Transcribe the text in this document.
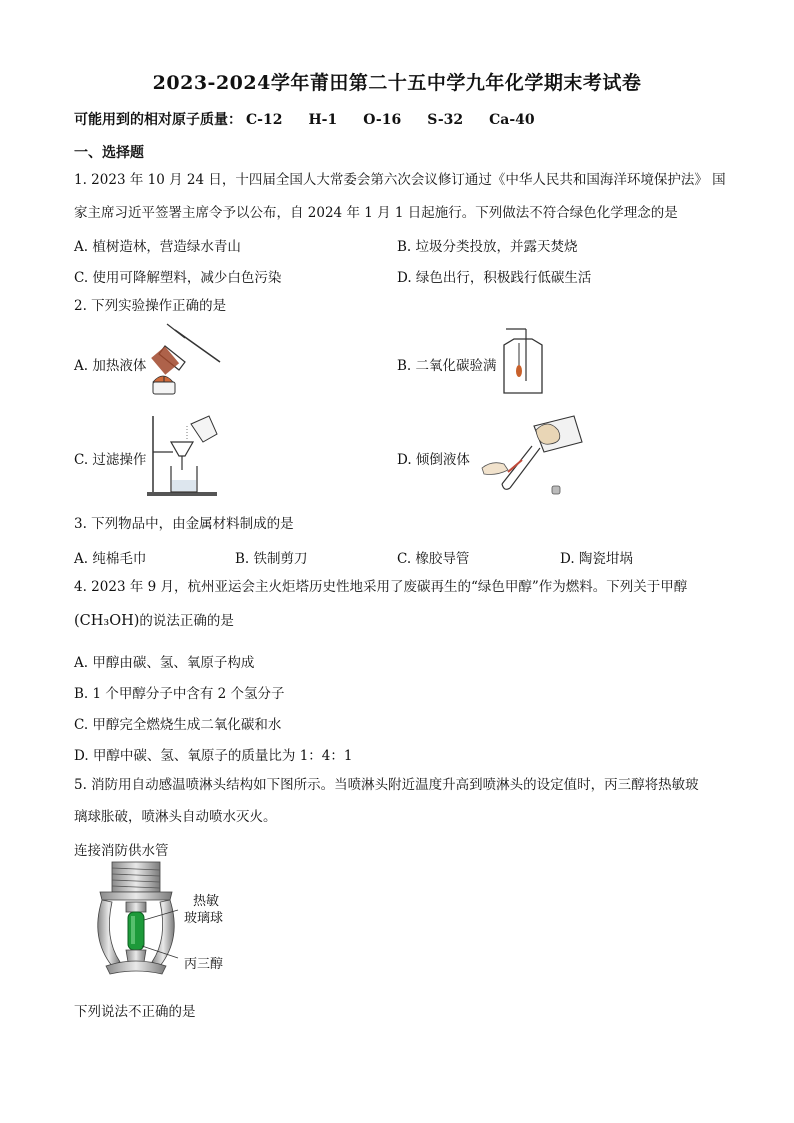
2023-2024学年莆田第二十五中学九年化学期末考试卷
可能用到的相对原子质量： C-12 H-1 O-16 S-32 Ca-40
一、选择题
1. 2023 年 10 月 24 日，十四届全国人大常委会第六次会议修订通过《中华人民共和国海洋环境保护法》 国
家主席习近平签署主席令予以公布，自 2024 年 1 月 1 日起施行。下列做法不符合绿色化学理念的是
A. 植树造林，营造绿水青山	B. 垃圾分类投放，并露天焚烧
C. 使用可降解塑料，减少白色污染	D. 绿色出行，积极践行低碳生活
2. 下列实验操作正确的是
A. 加热液体	B. 二氧化碳验满
C. 过滤操作	D. 倾倒液体
3. 下列物品中，由金属材料制成的是
A. 纯棉毛巾	B. 铁制剪刀	C. 橡胶导管	D. 陶瓷坩埚
4. 2023 年 9 月，杭州亚运会主火炬塔历史性地采用了废碳再生的“绿色甲醇”作为燃料。下列关于甲醇
(CH₃OH)的说法正确的是
A. 甲醇由碳、氢、氧原子构成
B. 1 个甲醇分子中含有 2 个氢分子
C. 甲醇完全燃烧生成二氧化碳和水
D. 甲醇中碳、氢、氧原子的质量比为 1：4：1
5. 消防用自动感温喷淋头结构如下图所示。当喷淋头附近温度升高到喷淋头的设定值时，丙三醇将热敏玻
璃球胀破，喷淋头自动喷水灭火。
连接消防供水管
热敏
玻璃球
丙三醇
下列说法不正确的是
